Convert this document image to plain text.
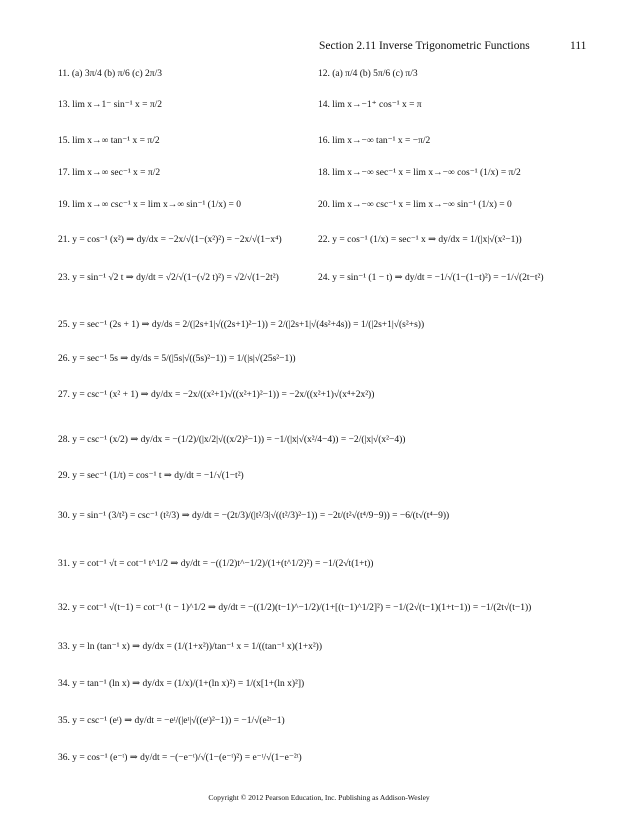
Section 2.11 Inverse Trigonometric Functions	111
11. (a) 3π/4 (b) π/6 (c) 2π/3	12. (a) π/4 (b) 5π/6 (c) π/3
13. lim x→1⁻ sin⁻¹ x = π/2	14. lim x→−1⁺ cos⁻¹ x = π
15. lim x→∞ tan⁻¹ x = π/2	16. lim x→−∞ tan⁻¹ x = −π/2
17. lim x→∞ sec⁻¹ x = π/2	18. lim x→−∞ sec⁻¹ x = lim x→−∞ cos⁻¹ (1/x) = π/2
19. lim x→∞ csc⁻¹ x = lim x→∞ sin⁻¹ (1/x) = 0	20. lim x→−∞ csc⁻¹ x = lim x→−∞ sin⁻¹ (1/x) = 0
21. y = cos⁻¹ (x²) ⇒ dy/dx = −2x/√(1−(x²)²) = −2x/√(1−x⁴)	22. y = cos⁻¹ (1/x) = sec⁻¹ x ⇒ dy/dx = 1/(|x|√(x²−1))
23. y = sin⁻¹ √2 t ⇒ dy/dt = √2/√(1−(√2 t)²) = √2/√(1−2t²)	24. y = sin⁻¹ (1 − t) ⇒ dy/dt = −1/√(1−(1−t)²) = −1/√(2t−t²)
25. y = sec⁻¹ (2s + 1) ⇒ dy/ds = 2/(|2s+1|√((2s+1)²−1)) = 2/(|2s+1|√(4s²+4s)) = 1/(|2s+1|√(s²+s))
26. y = sec⁻¹ 5s ⇒ dy/ds = 5/(|5s|√((5s)²−1)) = 1/(|s|√(25s²−1))
27. y = csc⁻¹ (x² + 1) ⇒ dy/dx = −2x/((x²+1)√((x²+1)²−1)) = −2x/((x²+1)√(x⁴+2x²))
28. y = csc⁻¹ (x/2) ⇒ dy/dx = −(1/2)/(|x/2|√((x/2)²−1)) = −1/(|x|√(x²/4−4)) = −2/(|x|√(x²−4))
29. y = sec⁻¹ (1/t) = cos⁻¹ t ⇒ dy/dt = −1/√(1−t²)
30. y = sin⁻¹ (3/t²) = csc⁻¹ (t²/3) ⇒ dy/dt = −(2t/3)/(|t²/3|√((t²/3)²−1)) = −2t/(t²√(t⁴/9−9)) = −6/(t√(t⁴−9))
31. y = cot⁻¹ √t = cot⁻¹ t^1/2 ⇒ dy/dt = −((1/2)t^−1/2)/(1+(t^1/2)²) = −1/(2√t(1+t))
32. y = cot⁻¹ √(t−1) = cot⁻¹ (t − 1)^1/2 ⇒ dy/dt = −((1/2)(t−1)^−1/2)/(1+[(t−1)^1/2]²) = −1/(2√(t−1)(1+t−1)) = −1/(2t√(t−1))
33. y = ln (tan⁻¹ x) ⇒ dy/dx = (1/(1+x²))/tan⁻¹ x = 1/((tan⁻¹ x)(1+x²))
34. y = tan⁻¹ (ln x) ⇒ dy/dx = (1/x)/(1+(ln x)²) = 1/(x[1+(ln x)²])
35. y = csc⁻¹ (eᵗ) ⇒ dy/dt = −eᵗ/(|eᵗ|√((eᵗ)²−1)) = −1/√(e²ᵗ−1)
36. y = cos⁻¹ (e⁻ᵗ) ⇒ dy/dt = −(−e⁻ᵗ)/√(1−(e⁻ᵗ)²) = e⁻ᵗ/√(1−e⁻²ᵗ)
Copyright © 2012 Pearson Education, Inc. Publishing as Addison-Wesley
